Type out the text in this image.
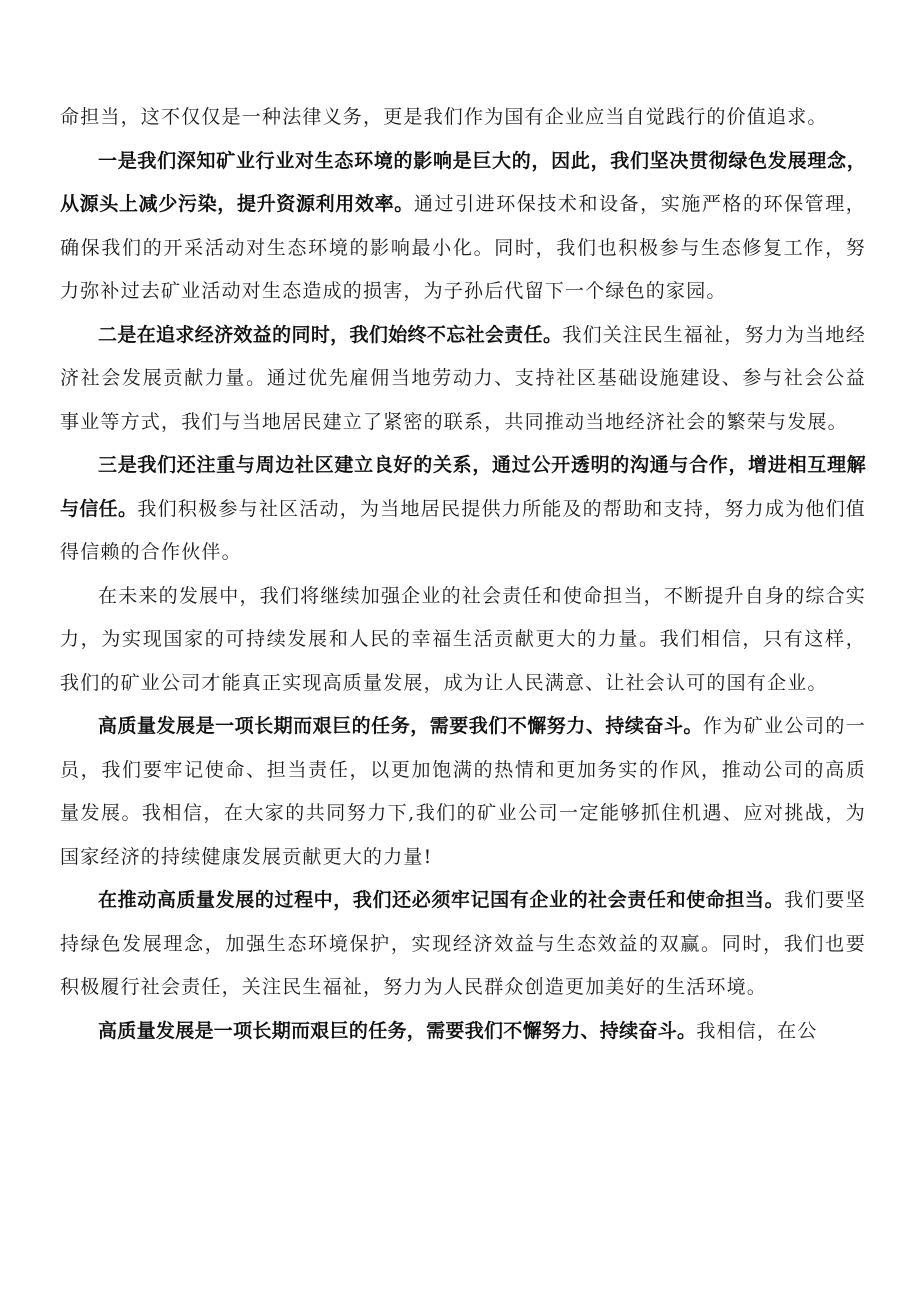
命担当，这不仅仅是一种法律义务，更是我们作为国有企业应当自觉践行的价值追求。

一是我们深知矿业行业对生态环境的影响是巨大的，因此，我们坚决贯彻绿色发展理念，从源头上减少污染，提升资源利用效率。通过引进环保技术和设备，实施严格的环保管理，确保我们的开采活动对生态环境的影响最小化。同时，我们也积极参与生态修复工作，努力弥补过去矿业活动对生态造成的损害，为子孙后代留下一个绿色的家园。

二是在追求经济效益的同时，我们始终不忘社会责任。我们关注民生福祉，努力为当地经济社会发展贡献力量。通过优先雇佣当地劳动力、支持社区基础设施建设、参与社会公益事业等方式，我们与当地居民建立了紧密的联系，共同推动当地经济社会的繁荣与发展。

三是我们还注重与周边社区建立良好的关系，通过公开透明的沟通与合作，增进相互理解与信任。我们积极参与社区活动，为当地居民提供力所能及的帮助和支持，努力成为他们值得信赖的合作伙伴。

在未来的发展中，我们将继续加强企业的社会责任和使命担当，不断提升自身的综合实力，为实现国家的可持续发展和人民的幸福生活贡献更大的力量。我们相信，只有这样，我们的矿业公司才能真正实现高质量发展，成为让人民满意、让社会认可的国有企业。

高质量发展是一项长期而艰巨的任务，需要我们不懈努力、持续奋斗。作为矿业公司的一员，我们要牢记使命、担当责任，以更加饱满的热情和更加务实的作风，推动公司的高质量发展。我相信，在大家的共同努力下,我们的矿业公司一定能够抓住机遇、应对挑战，为国家经济的持续健康发展贡献更大的力量!

在推动高质量发展的过程中，我们还必须牢记国有企业的社会责任和使命担当。我们要坚持绿色发展理念，加强生态环境保护，实现经济效益与生态效益的双赢。同时，我们也要积极履行社会责任，关注民生福祉，努力为人民群众创造更加美好的生活环境。

高质量发展是一项长期而艰巨的任务，需要我们不懈努力、持续奋斗。我相信，在公
